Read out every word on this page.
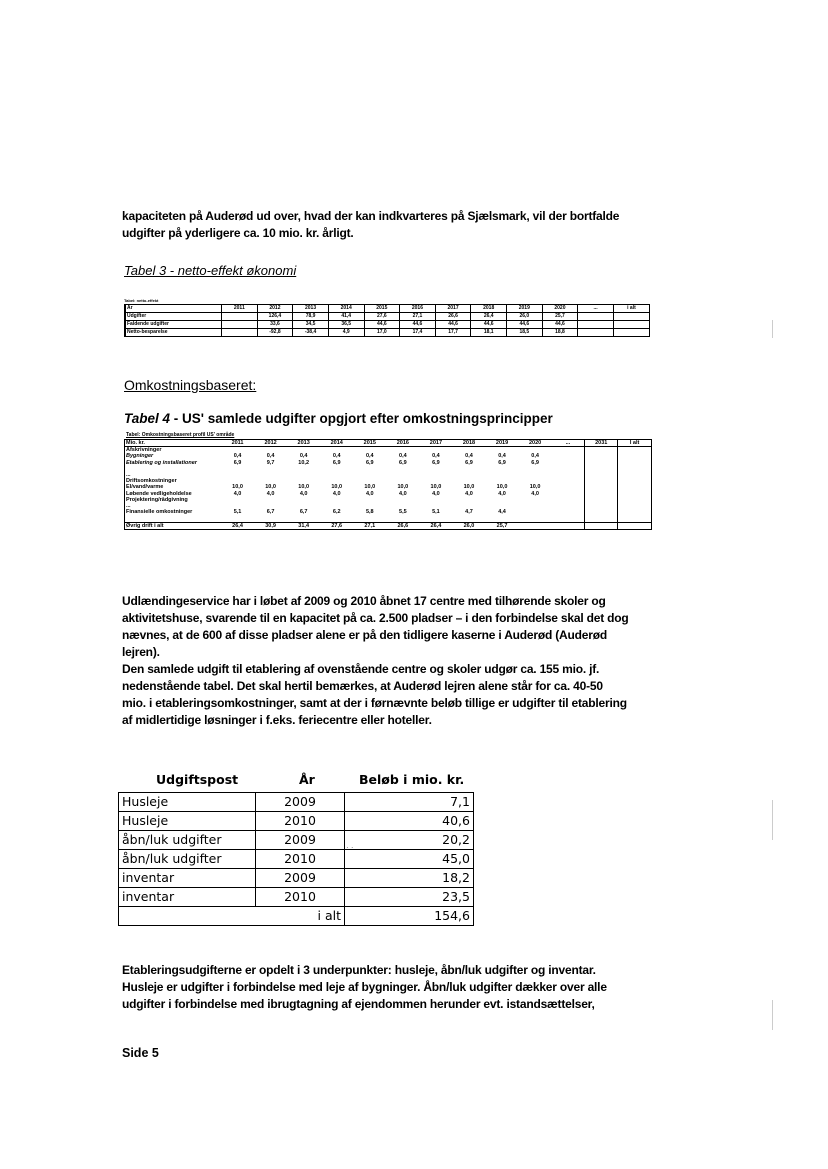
kapaciteten på Auderød ud over, hvad der kan indkvarteres på Sjælsmark, vil der bortfalde
udgifter på yderligere ca. 10 mio. kr. årligt.
Tabel 3 - netto-effekt økonomi
Tabel: netto-effekt
År	2011	2012	2013	2014	2015	2016	2017	2018	2019	2020	...	i alt
Udgifter		126,4	78,9	41,4	27,6	27,1	26,6	26,4	26,0	25,7		
Faldende udgifter		33,6	34,5	36,5	44,6	44,6	44,6	44,6	44,6	44,6		
Netto-besparelse		-92,8	-38,4	4,9	17,0	17,4	17,7	18,1	18,5	18,8		
Omkostningsbaseret:
Tabel 4 - US' samlede udgifter opgjort efter omkostningsprincipper
Tabel: Omkostningsbaseret profil US' område
Mio. kr.	2011	2012	2013	2014	2015	2016	2017	2018	2019	2020	...	2031	I alt
Afskrivninger													
Bygninger	0,4	0,4	0,4	0,4	0,4	0,4	0,4	0,4	0,4	0,4			
Etablering og installationer	6,9	9,7	10,2	6,9	6,9	6,9	6,9	6,9	6,9	6,9			

...													
Driftsomkostninger													
El/vand/varme	10,0	10,0	10,0	10,0	10,0	10,0	10,0	10,0	10,0	10,0			
Løbende vedligeholdelse	4,0	4,0	4,0	4,0	4,0	4,0	4,0	4,0	4,0	4,0			
Projektering/rådgivning													
...													
Finansielle omkostninger	5,1	6,7	6,7	6,2	5,8	5,5	5,1	4,7	4,4				

Øvrig drift i alt	26,4	30,9	31,4	27,6	27,1	26,6	26,4	26,0	25,7				
Udlændingeservice har i løbet af 2009 og 2010 åbnet 17 centre med tilhørende skoler og
aktivitetshuse, svarende til en kapacitet på ca. 2.500 pladser – i den forbindelse skal det dog
nævnes, at de 600 af disse pladser alene er på den tidligere kaserne i Auderød (Auderød
lejren).
Den samlede udgift til etablering af ovenstående centre og skoler udgør ca. 155 mio. jf.
nedenstående tabel. Det skal hertil bemærkes, at Auderød lejren alene står for ca. 40-50
mio. i etableringsomkostninger, samt at der i førnævnte beløb tillige er udgifter til etablering
af midlertidige løsninger i f.eks. feriecentre eller hoteller.
Udgiftspost	År	Beløb i mio. kr.
Husleje	2009	7,1
Husleje	2010	40,6
åbn/luk udgifter	2009	20,2
åbn/luk udgifter	2010	45,0
inventar	2009	18,2
inventar	2010	23,5
	i alt	154,6
· ·
Etableringsudgifterne er opdelt i 3 underpunkter: husleje, åbn/luk udgifter og inventar.
Husleje er udgifter i forbindelse med leje af bygninger. Åbn/luk udgifter dækker over alle
udgifter i forbindelse med ibrugtagning af ejendommen herunder evt. istandsættelser,
Side 5
